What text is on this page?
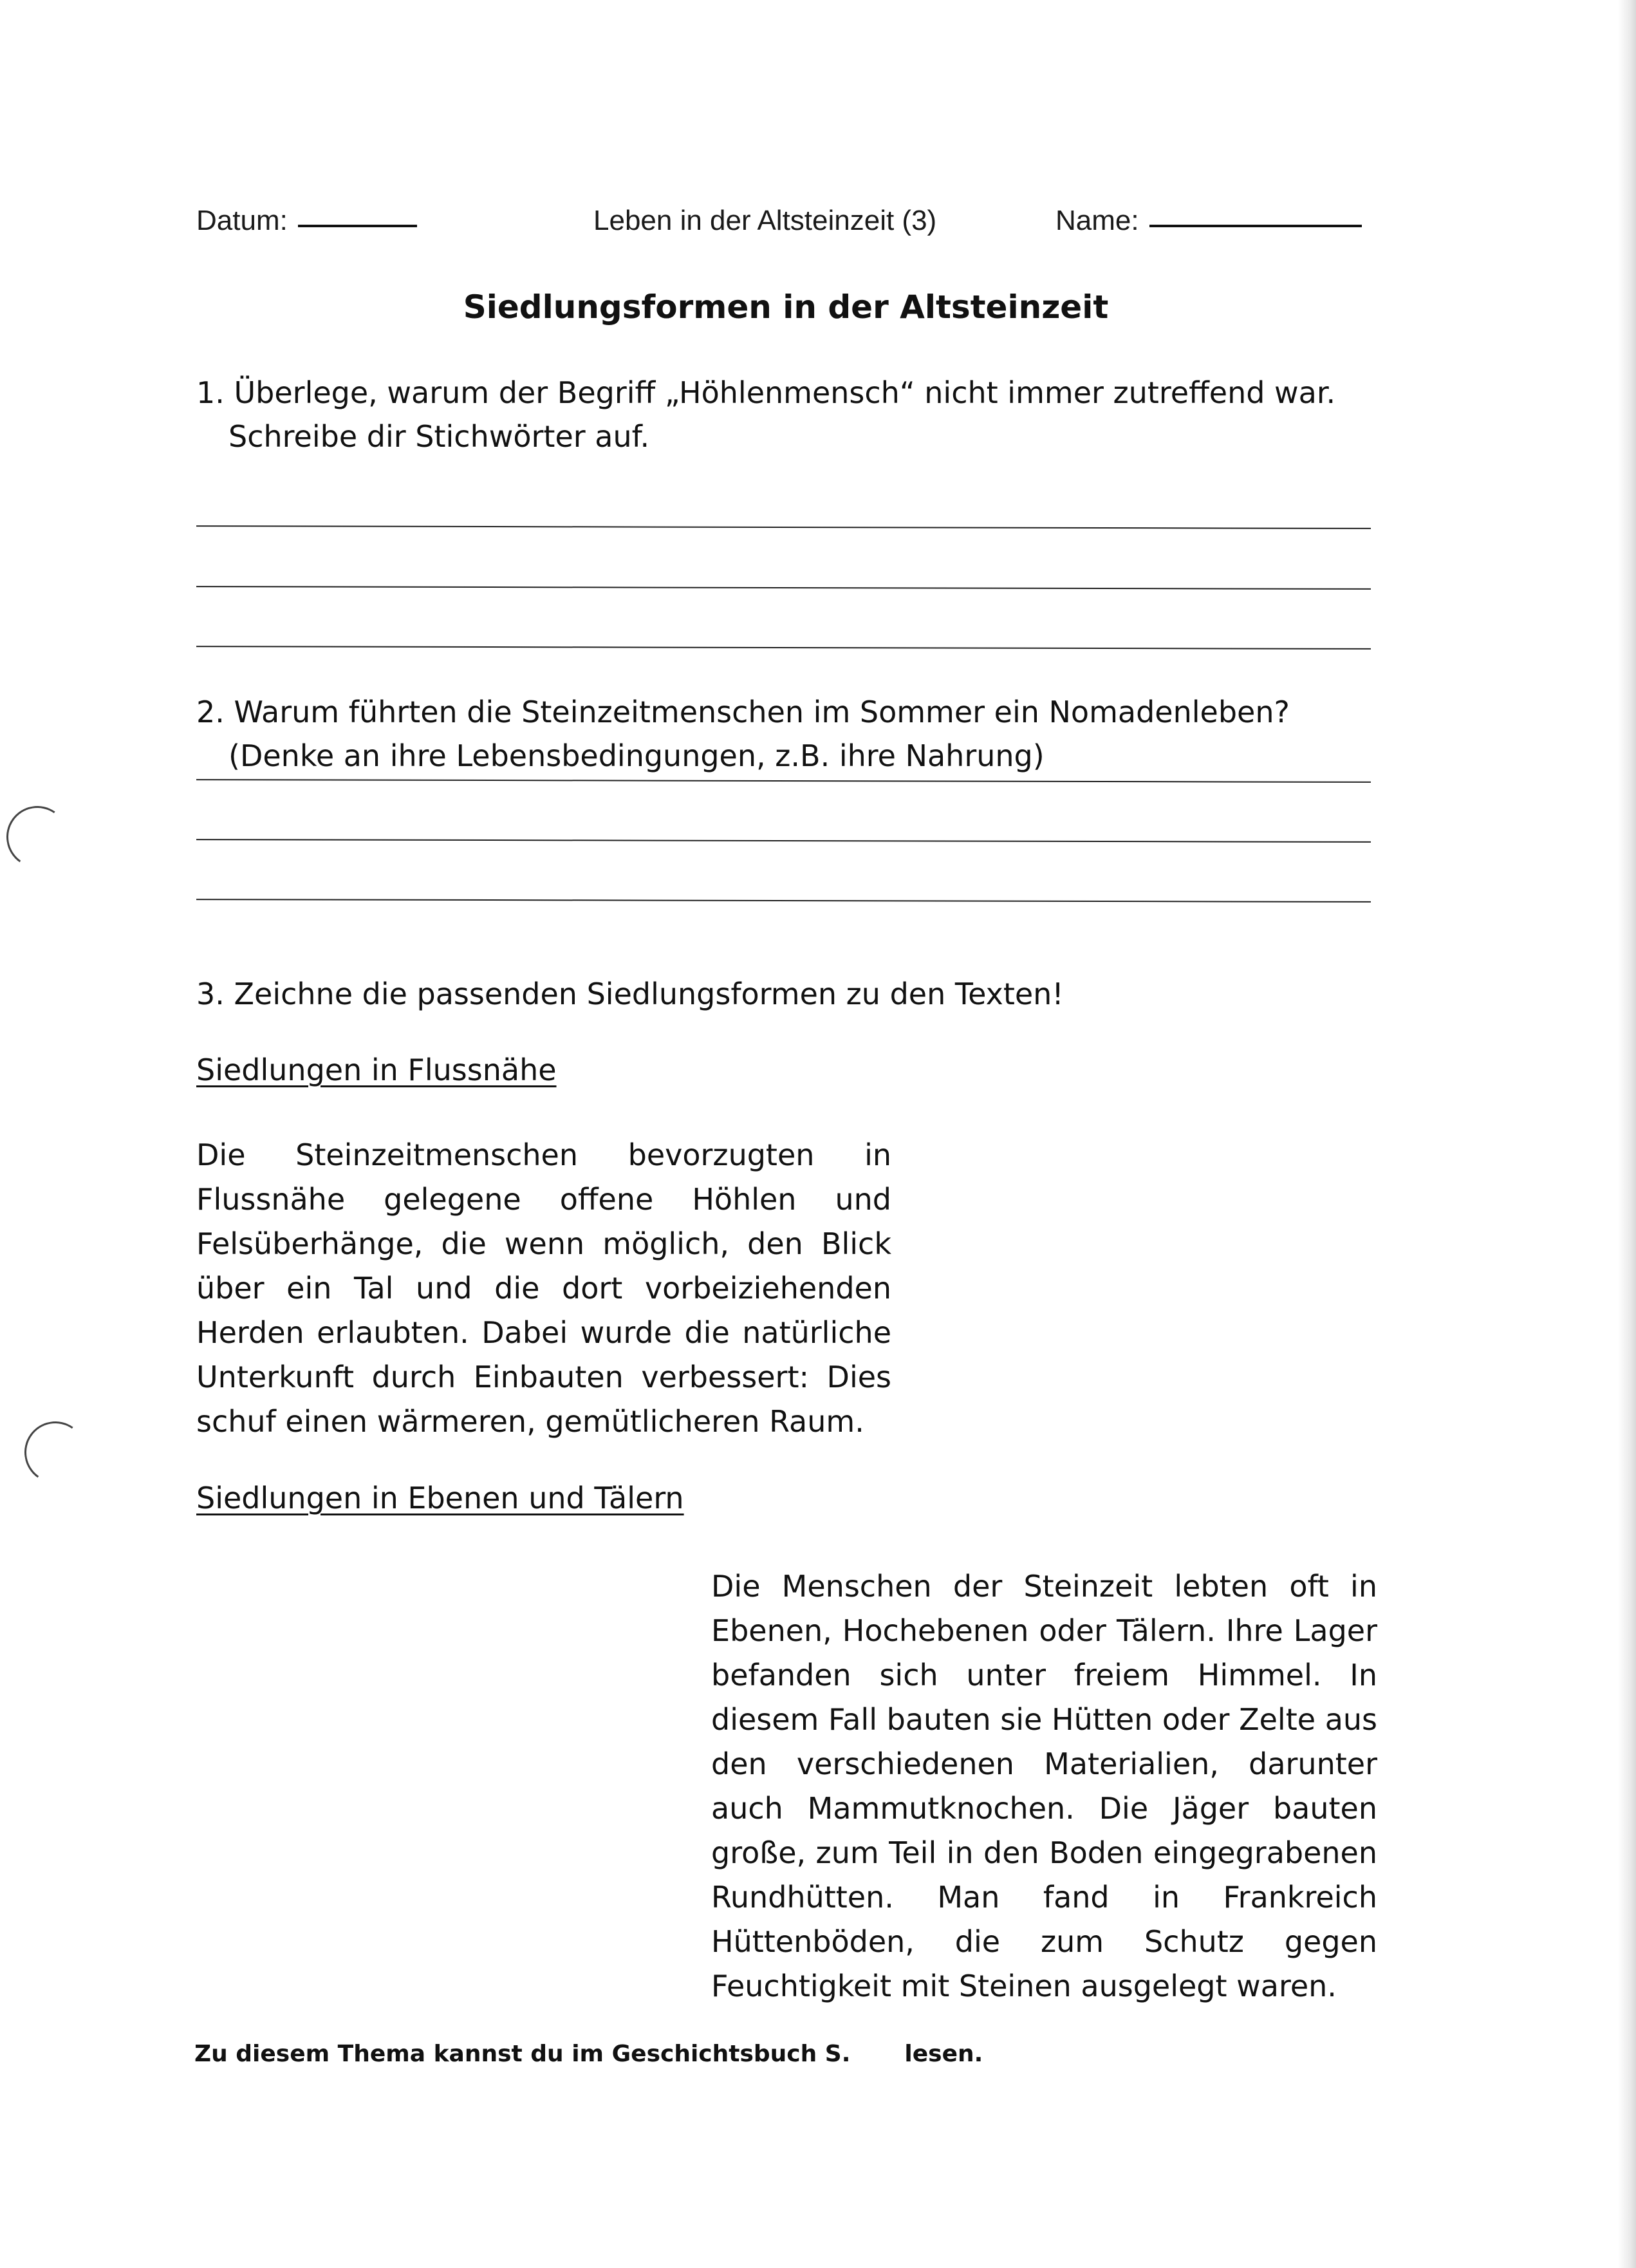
Datum:	Leben in der Altsteinzeit (3)	Name:
Siedlungsformen in der Altsteinzeit
1. Überlege, warum der Begriff „Höhlenmensch“ nicht immer zutreffend war.
Schreibe dir Stichwörter auf.
2. Warum führten die Steinzeitmenschen im Sommer ein Nomadenleben?
(Denke an ihre Lebensbedingungen, z.B. ihre Nahrung)
3. Zeichne die passenden Siedlungsformen zu den Texten!
Siedlungen in Flussnähe

Die Steinzeitmenschen bevorzugten in Flussnähe gelegene offene Höhlen und Felsüberhänge, die wenn möglich, den Blick über ein Tal und die dort vorbeiziehenden Herden erlaubten. Dabei wurde die natürliche Unterkunft durch Einbauten verbessert: Dies schuf einen wärmeren, gemütlicheren Raum.

Siedlungen in Ebenen und Tälern

Die Menschen der Steinzeit lebten oft in Ebenen, Hochebenen oder Tälern. Ihre Lager befanden sich unter freiem Himmel. In diesem Fall bauten sie Hütten oder Zelte aus den verschiedenen Materialien, darunter auch Mammutknochen. Die Jäger bauten große, zum Teil in den Boden eingegrabenen Rundhütten. Man fand in Frankreich Hüttenböden, die zum Schutz gegen Feuchtigkeit mit Steinen ausgelegt waren.

Zu diesem Thema kannst du im Geschichtsbuch S. lesen.
